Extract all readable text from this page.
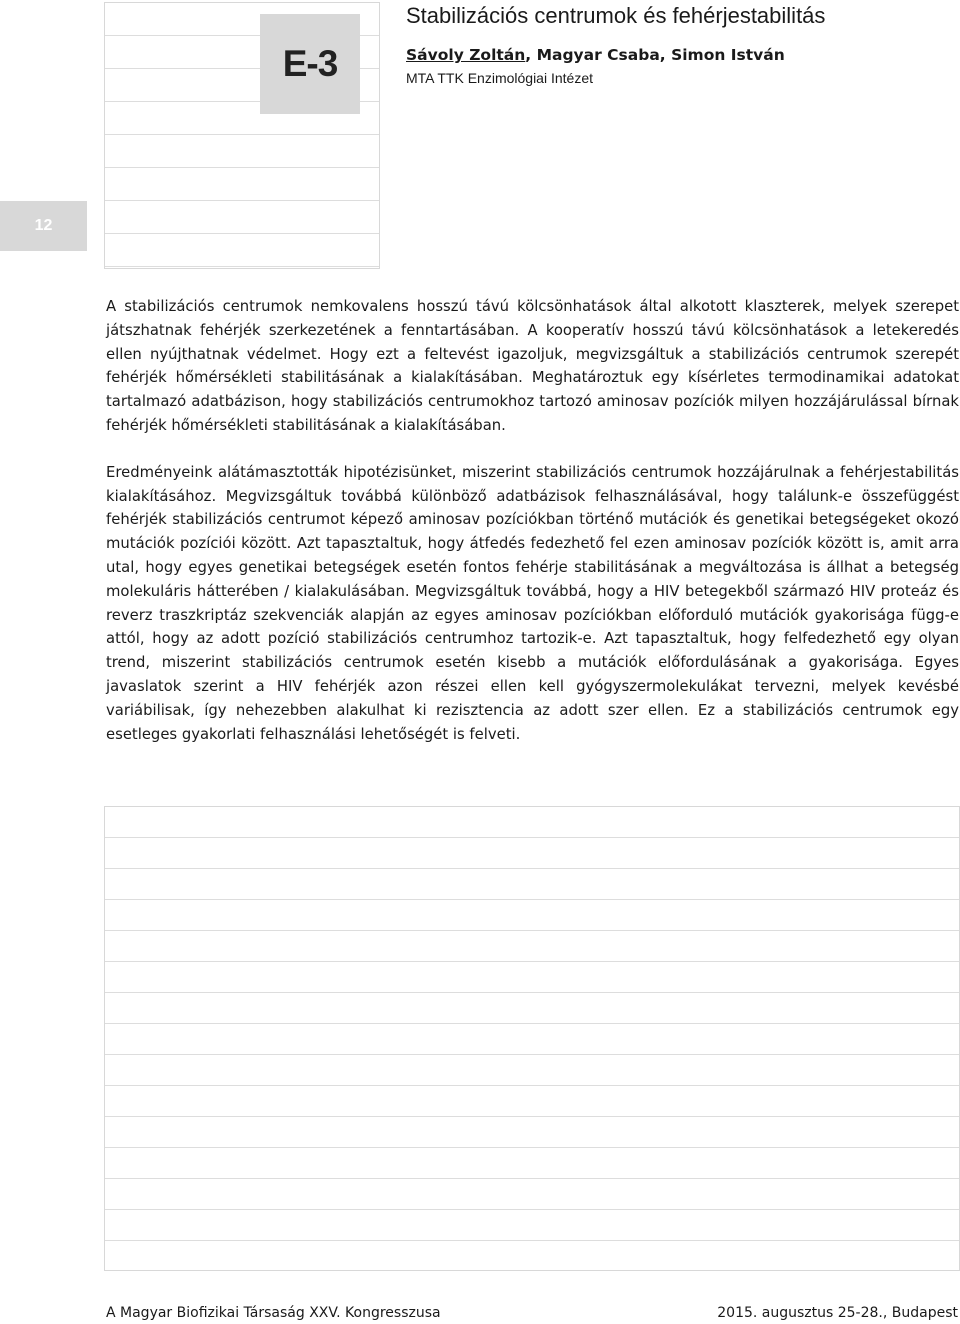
E-3
12
Stabilizációs centrumok és fehérjestabilitás
Sávoly Zoltán, Magyar Csaba, Simon István
MTA TTK Enzimológiai Intézet

A stabilizációs centrumok nemkovalens hosszú távú kölcsönhatások által alkotott klaszterek, melyek szerepet játszhatnak fehérjék szerkezetének a fenntartásában. A kooperatív hosszú távú kölcsönhatások a letekeredés ellen nyújthatnak védelmet. Hogy ezt a feltevést igazoljuk, megvizsgáltuk a stabilizációs centrumok szerepét fehérjék hőmérsékleti stabilitásának a kialakításában. Meghatároztuk egy kísérletes termodinamikai adatokat tartalmazó adatbázison, hogy stabilizációs centrumokhoz tartozó aminosav pozíciók milyen hozzájárulással bírnak fehérjék hőmérsékleti stabilitásának a kialakításában.

Eredményeink alátámasztották hipotézisünket, miszerint stabilizációs centrumok hozzájárulnak a fehérjestabilitás kialakításához. Megvizsgáltuk továbbá különböző adatbázisok felhasználásával, hogy találunk-e összefüggést fehérjék stabilizációs centrumot képező aminosav pozíciókban történő mutációk és genetikai betegségeket okozó mutációk pozíciói között. Azt tapasztaltuk, hogy átfedés fedezhető fel ezen aminosav pozíciók között is, amit arra utal, hogy egyes genetikai betegségek esetén fontos fehérje stabilitásának a megváltozása is állhat a betegség molekuláris hátterében / kialakulásában. Megvizsgáltuk továbbá, hogy a HIV betegekből származó HIV proteáz és reverz traszkriptáz szekvenciák alapján az egyes aminosav pozíciókban előforduló mutációk gyakorisága függ-e attól, hogy az adott pozíció stabilizációs centrumhoz tartozik-e. Azt tapasztaltuk, hogy felfedezhető egy olyan trend, miszerint stabilizációs centrumok esetén kisebb a mutációk előfordulásának a gyakorisága. Egyes javaslatok szerint a HIV fehérjék azon részei ellen kell gyógyszermolekulákat tervezni, melyek kevésbé variábilisak, így nehezebben alakulhat ki rezisztencia az adott szer ellen. Ez a stabilizációs centrumok egy esetleges gyakorlati felhasználási lehetőségét is felveti.

A Magyar Biofizikai Társaság XXV. Kongresszusa	2015. augusztus 25-28., Budapest
